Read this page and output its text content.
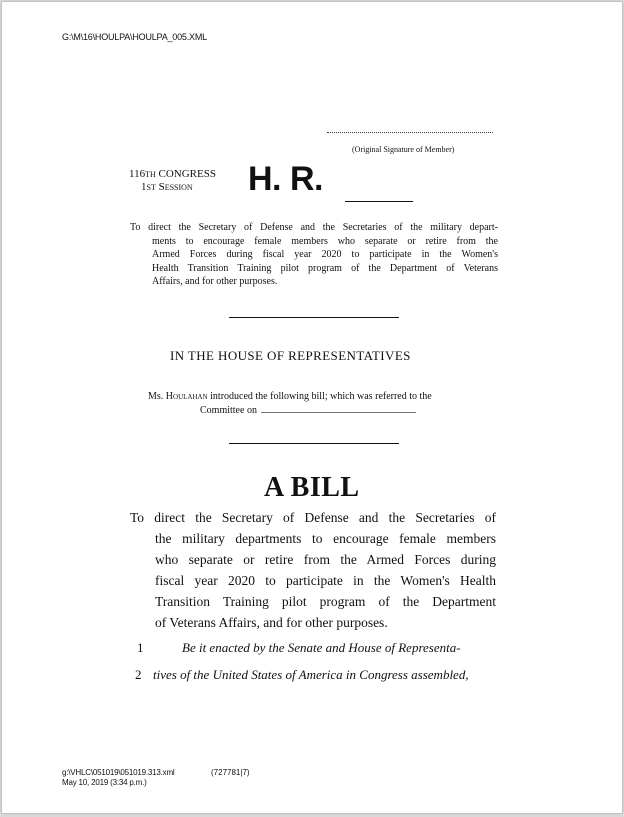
G:\M\16\HOULPA\HOULPA_005.XML
(Original Signature of Member)
116th CONGRESS
1st Session	H. R.
To direct the Secretary of Defense and the Secretaries of the military depart-
ments to encourage female members who separate or retire from the
Armed Forces during fiscal year 2020 to participate in the Women's
Health Transition Training pilot program of the Department of Veterans
Affairs, and for other purposes.
IN THE HOUSE OF REPRESENTATIVES
Ms. Houlahan introduced the following bill; which was referred to the
Committee on
A BILL
To direct the Secretary of Defense and the Secretaries of
the military departments to encourage female members
who separate or retire from the Armed Forces during
fiscal year 2020 to participate in the Women's Health
Transition Training pilot program of the Department
of Veterans Affairs, and for other purposes.
1	Be it enacted by the Senate and House of Representa-
2 tives of the United States of America in Congress assembled,
g:\VHLC\051019\051019.313.xml
May 10, 2019 (3:34 p.m.)
(727781|7)
